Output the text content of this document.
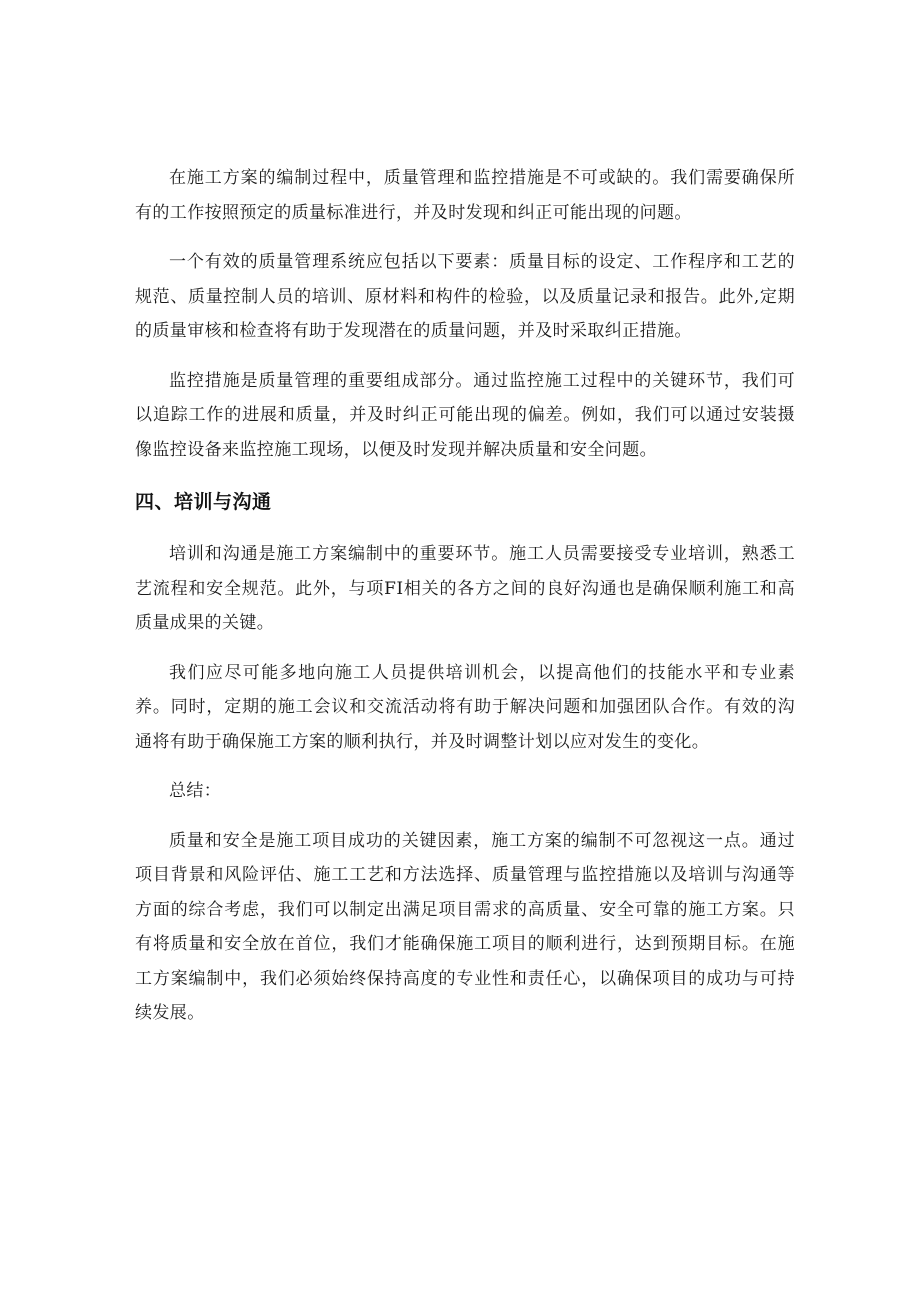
在施工方案的编制过程中，质量管理和监控措施是不可或缺的。我们需要确保所有的工作按照预定的质量标准进行，并及时发现和纠正可能出现的问题。

一个有效的质量管理系统应包括以下要素：质量目标的设定、工作程序和工艺的规范、质量控制人员的培训、原材料和构件的检验，以及质量记录和报告。此外,定期的质量审核和检查将有助于发现潜在的质量问题，并及时采取纠正措施。

监控措施是质量管理的重要组成部分。通过监控施工过程中的关键环节，我们可以追踪工作的进展和质量，并及时纠正可能出现的偏差。例如，我们可以通过安装摄像监控设备来监控施工现场，以便及时发现并解决质量和安全问题。

四、培训与沟通

培训和沟通是施工方案编制中的重要环节。施工人员需要接受专业培训，熟悉工艺流程和安全规范。此外，与项FI相关的各方之间的良好沟通也是确保顺利施工和高质量成果的关键。

我们应尽可能多地向施工人员提供培训机会，以提高他们的技能水平和专业素养。同时，定期的施工会议和交流活动将有助于解决问题和加强团队合作。有效的沟通将有助于确保施工方案的顺利执行，并及时调整计划以应对发生的变化。

总结：

质量和安全是施工项目成功的关键因素，施工方案的编制不可忽视这一点。通过项目背景和风险评估、施工工艺和方法选择、质量管理与监控措施以及培训与沟通等方面的综合考虑，我们可以制定出满足项目需求的高质量、安全可靠的施工方案。只有将质量和安全放在首位，我们才能确保施工项目的顺利进行，达到预期目标。在施工方案编制中，我们必须始终保持高度的专业性和责任心，以确保项目的成功与可持续发展。
